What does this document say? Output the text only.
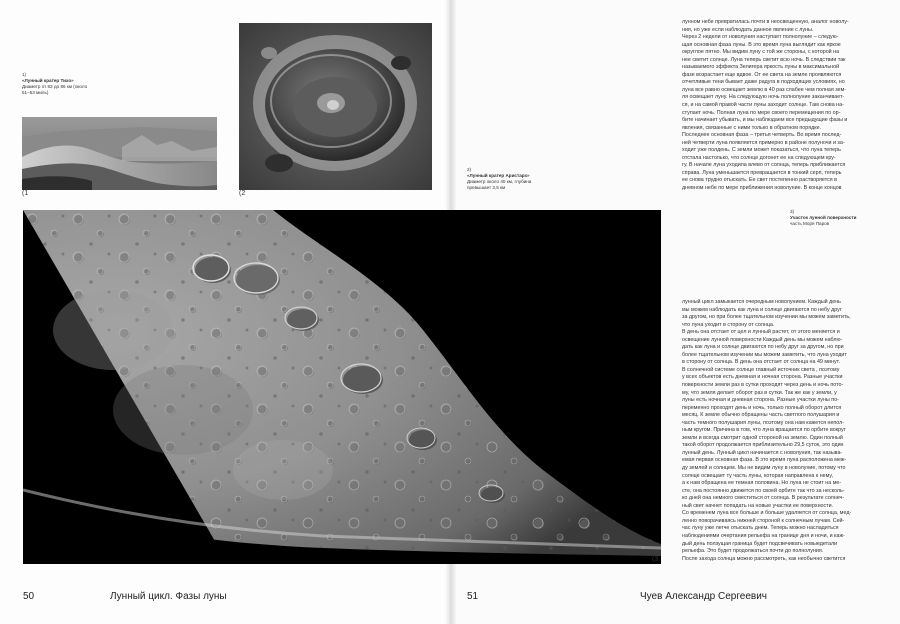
1)
«Лунный кратер Тихо»
Диаметр от 82 до 86 км (около 51–53 миль)
(1	(2
2)
«Лунный кратер Аристарх»
Диаметр около 40 км, глубина превышает 3,5 км

лунном небе превратилась почти в неосвещенную, аналог новолу-

ния, но уже если наблюдать данное явление с луны.

Через 2 недели от новолуния наступает полнолуние – следую-

щая основная фаза луны. В это время луна выглядит как яркое

округлое пятно. Мы видим луну с той же стороны, с которой на

нее светит солнце. Луна теперь светит всю ночь. В следствии так

называемого эффекта Зелигера яркость луны в максимальной

фазе возрастает еще вдвое. От ее света на земле проявляются

отчетливые тени бывает даже радуга в подходящих условиях, но

луна все равно освещает землю в 40 раз слабее чем полная зем-

ля освещает луну. На следующую ночь полнолуние заканчивает-

ся, и на самой правой части луны заходит солнце. Там снова на-

ступает ночь. Полная луна по мере своего перемещения по ор-

бите начинает убывать, и мы наблюдаем все предыдущие фазы и

явления, связанные с ними только в обратном порядке.

Последнее основная фаза – третья четверть. Во время послед-

ней четверти луна появляется примерно в районе полуночи и за-

ходит уже полдень. С земли может показаться, что луна теперь

отстала настолько, что солнце догонет ее на следующем кру-

гу. В начале луна уходила влево от солнца, теперь приближается

справа. Луна уменьшается превращается в тонкий серп, теперь

ее снова трудно отыскать. Ее свет постепенно растворяется в

дневном небе по мере приближения новолуние. В конце концов

3)
Участок лунной поверхности
часть Моря Паров
(3

лунный цикл замыкается очередным новолунием. Каждый день

мы можем наблюдать как луна и солнце двигаются по небу друг

за другом, но при более тщательном изучении мы можем заметить,

что луна уходит в сторону от солнца.

В день она отстает от цел и лунный растет, от этого меняется и

освещение лунной поверхности Каждый день мы можем наблю-

дать как луна и солнце двигаются по небу друг за другом, но при

более тщательном изучении мы можем заметить, что луна уходит

в сторону от солнца. В день она отстает от солнца на 49 минут.

В солнечной системе солнце главный источник света , поэтому

у всех объектов есть дневная и ночная сторона. Разные участки

поверхности земли раз в сутки проходят через день и ночь пото-

му, что земля делает оборот раз в сутки. Так же как у земли, у

луны есть ночная и дневная сторона. Разные участки луны по-

переменно проходят день и ночь, только полный оборот длится

месяц. К земле обычно обращены часть светлого полушария и

часть темного полушария луны, поэтому она нам кажется непол-

ным кругом. Причина в том, что луна вращается по орбите вокруг

земли и всегда смотрит одной стороной на землю. Один полный

такой оборот продолжается приблизительно 29,5 суток, это один

лунный день. Лунный цикл начинается с новолуния, так называ-

емая первая основная фаза. В это время луна расположена меж-

ду землей и солнцем. Мы не видим луну в новолуние, потому что

солнце освещает ту часть луны, которая направлена к нему,

а к нам обращена ее темная половина. Но луна не стоит на ме-

сте, она постоянно движется по своей орбите так что за несколь-

ко дней она немного сместиться от солнца. В результате солнеч-

ный свет начнет попадать на новые участки ее поверхности.

Со временем луна все больше и больше удаляется от солнца, мед-

ленно поворачиваясь нижней стороной к солнечным лучам. Сей-

час луну уже легче отыскать днем. Теперь можно насладиться

наблюдениями очертания рельефа на границе дня и ночи, и каж-

дый день ползущая граница будет подсвечивать новыедетали

рельефа. Это будет продолжаться почти до полнолуния.

После захода солнца можно рассмотреть, как необычно светится

50	Лунный цикл. Фазы луны	51	Чуев Александр Сергеевич
